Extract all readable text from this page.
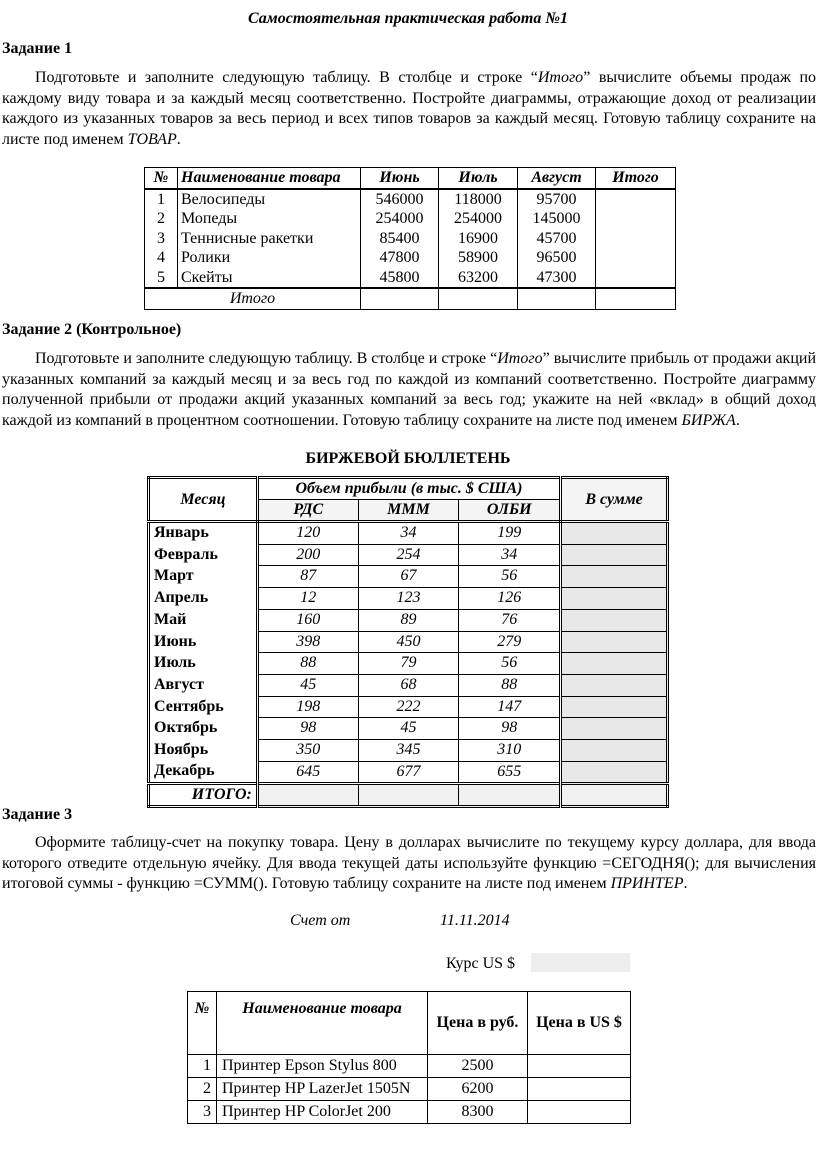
Самостоятельная практическая работа №1
Задание 1
Подготовьте и заполните следующую таблицу. В столбце и строке “Итого” вычислите объемы продаж по каждому виду товара и за каждый месяц соответственно. Постройте диаграммы, отражающие доход от реализации каждого из указанных товаров за весь период и всех типов товаров за каждый месяц. Готовую таблицу сохраните на листе под именем ТОВАР.
№	Наименование товара	Июнь	Июль	Август	Итого
1	Велосипеды	546000	118000	95700	
2	Мопеды	254000	254000	145000	
3	Теннисные ракетки	85400	16900	45700	
4	Ролики	47800	58900	96500	
5	Скейты	45800	63200	47300	
Итого					
Задание 2 (Контрольное)
Подготовьте и заполните следующую таблицу. В столбце и строке “Итого” вычислите прибыль от продажи акций указанных компаний за каждый месяц и за весь год по каждой из компаний соответственно. Постройте диаграмму полученной прибыли от продажи акций указанных компаний за весь год; укажите на ней «вклад» в общий доход каждой из компаний в процентном соотношении. Готовую таблицу сохраните на листе под именем БИРЖА.
БИРЖЕВОЙ БЮЛЛЕТЕНЬ
Месяц	Объем прибыли (в тыс. $ США)			В сумме
	РДС	МММ	ОЛБИ	
Январь	120	34	199	
Февраль	200	254	34	
Март	87	67	56	
Апрель	12	123	126	
Май	160	89	76	
Июнь	398	450	279	
Июль	88	79	56	
Август	45	68	88	
Сентябрь	198	222	147	
Октябрь	98	45	98	
Ноябрь	350	345	310	
Декабрь	645	677	655	
ИТОГО:				
Задание 3
Оформите таблицу-счет на покупку товара. Цену в долларах вычислите по текущему курсу доллара, для ввода которого отведите отдельную ячейку. Для ввода текущей даты используйте функцию =СЕГОДНЯ(); для вычисления итоговой суммы - функцию =СУММ(). Готовую таблицу сохраните на листе под именем ПРИНТЕР.
Счет от	11.11.2014
Курс US $
№	Наименование товара	Цена в руб.	Цена в US $
1	Принтер Epson Stylus 800	2500	
2	Принтер HP LazerJet 1505N	6200	
3	Принтер HP ColorJet 200	8300	
